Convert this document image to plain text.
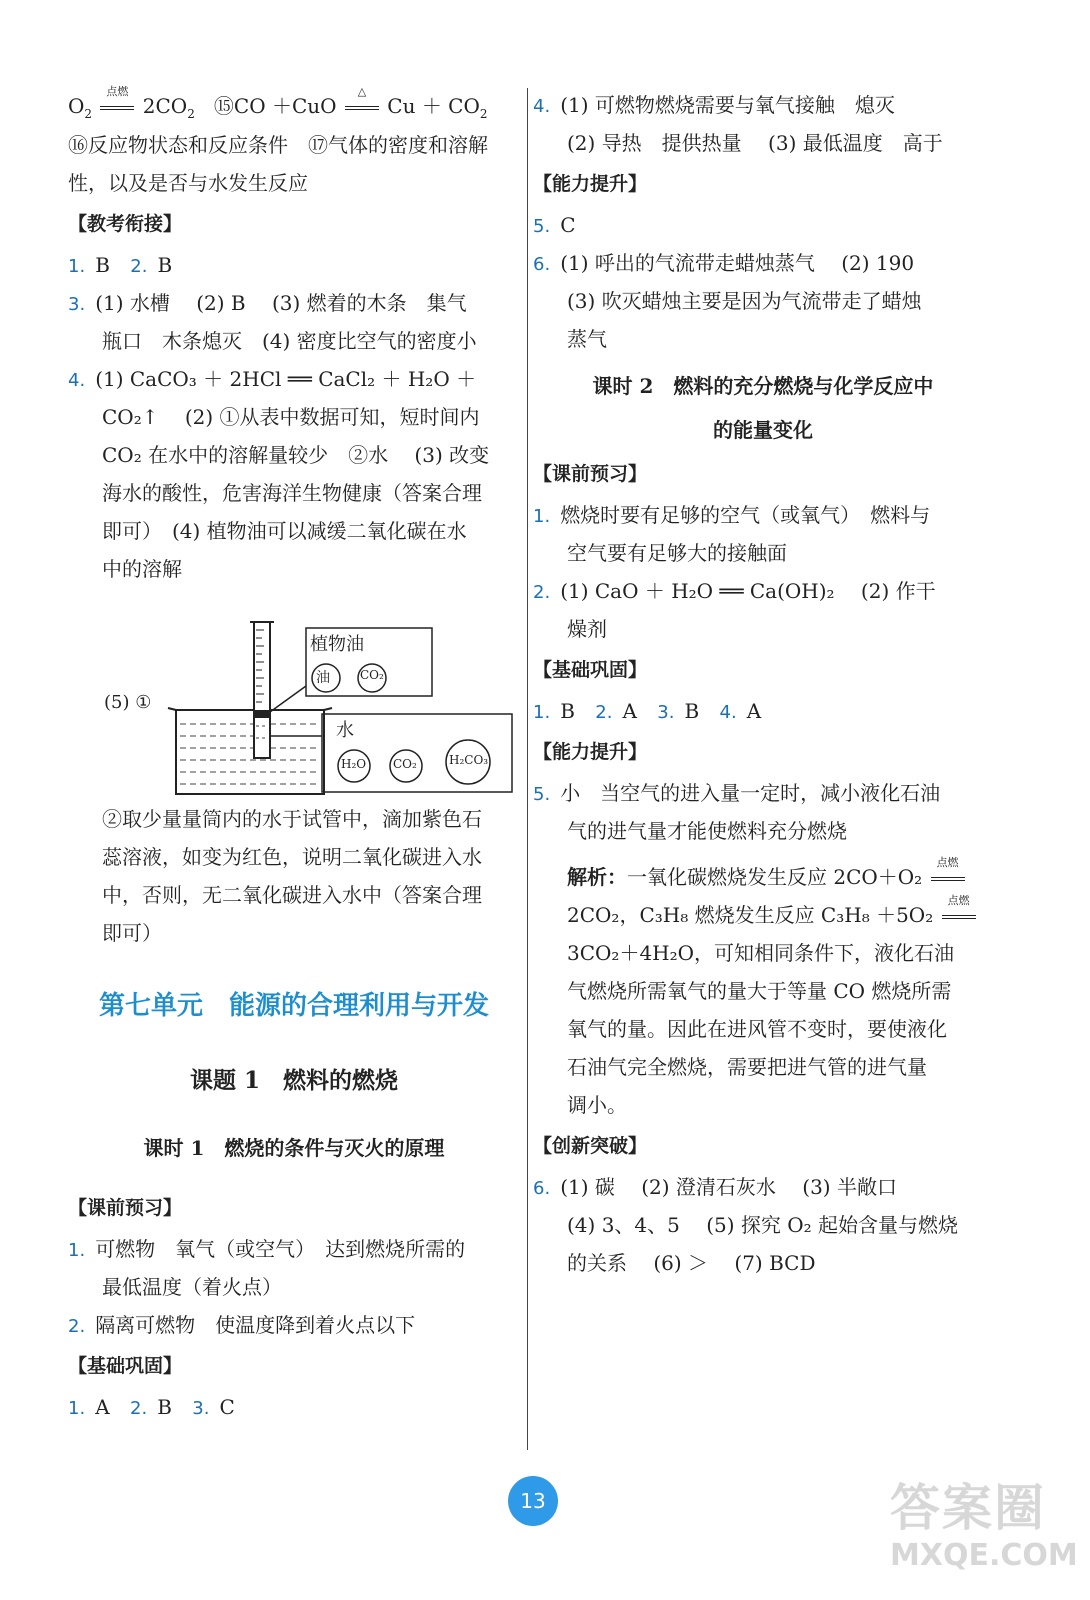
$O_2$
点燃
$2CO_2$ ⑮CO ＋CuO
△
$Cu + CO_2$
⑯反应物状态和反应条件　⑰气体的密度和溶解
性，以及是否与水发生反应
【教考衔接】
1. B 2. B
3. (1) 水槽　 (2) B　 (3) 燃着的木条　集气
瓶口　木条熄灭　(4) 密度比空气的密度小
4. (1) CaCO₃ ＋ 2HCl ══ CaCl₂ ＋ H₂O ＋
CO₂↑　 (2) ①从表中数据可知，短时间内
CO₂ 在水中的溶解量较少　②水　 (3) 改变
海水的酸性，危害海洋生物健康（答案合理
即可）　(4) 植物油可以减缓二氧化碳在水
中的溶解
(5) ①
植物油
油	CO₂
水
H₂O CO₂	H₂CO₃
②取少量量筒内的水于试管中，滴加紫色石
蕊溶液，如变为红色，说明二氧化碳进入水
中，否则，无二氧化碳进入水中（答案合理
即可）
第七单元　能源的合理利用与开发
课题 1　燃料的燃烧
课时 1　燃烧的条件与灭火的原理
【课前预习】
1. 可燃物　氧气（或空气）　达到燃烧所需的
最低温度（着火点）
2. 隔离可燃物　使温度降到着火点以下
【基础巩固】
1. A 2. B 3. C
4. (1) 可燃物燃烧需要与氧气接触　熄灭
(2) 导热　提供热量　 (3) 最低温度　高于
【能力提升】
5. C
6. (1) 呼出的气流带走蜡烛蒸气　 (2) 190
(3) 吹灭蜡烛主要是因为气流带走了蜡烛
蒸气
课时 2　燃料的充分燃烧与化学反应中
的能量变化
【课前预习】
1. 燃烧时要有足够的空气（或氧气）　燃料与
空气要有足够大的接触面
2. (1) CaO ＋ H₂O ══ Ca(OH)₂　 (2) 作干
燥剂
【基础巩固】
1. B 2. A 3. B 4. A
【能力提升】
5. 小　当空气的进入量一定时，减小液化石油
气的进气量才能使燃料充分燃烧
解析：一氧化碳燃烧发生反应 2CO＋O₂
点燃
2CO₂，C₃H₈ 燃烧发生反应 C₃H₈ ＋5O₂
点燃
3CO₂＋4H₂O，可知相同条件下，液化石油
气燃烧所需氧气的量大于等量 CO 燃烧所需
氧气的量。因此在进风管不变时，要使液化
石油气完全燃烧，需要把进气管的进气量
调小。
【创新突破】
6. (1) 碳　 (2) 澄清石灰水　 (3) 半敞口
(4) 3、4、5　 (5) 探究 O₂ 起始含量与燃烧
的关系　 (6) ＞　 (7) BCD
13	答案圈
MXQE.COM
